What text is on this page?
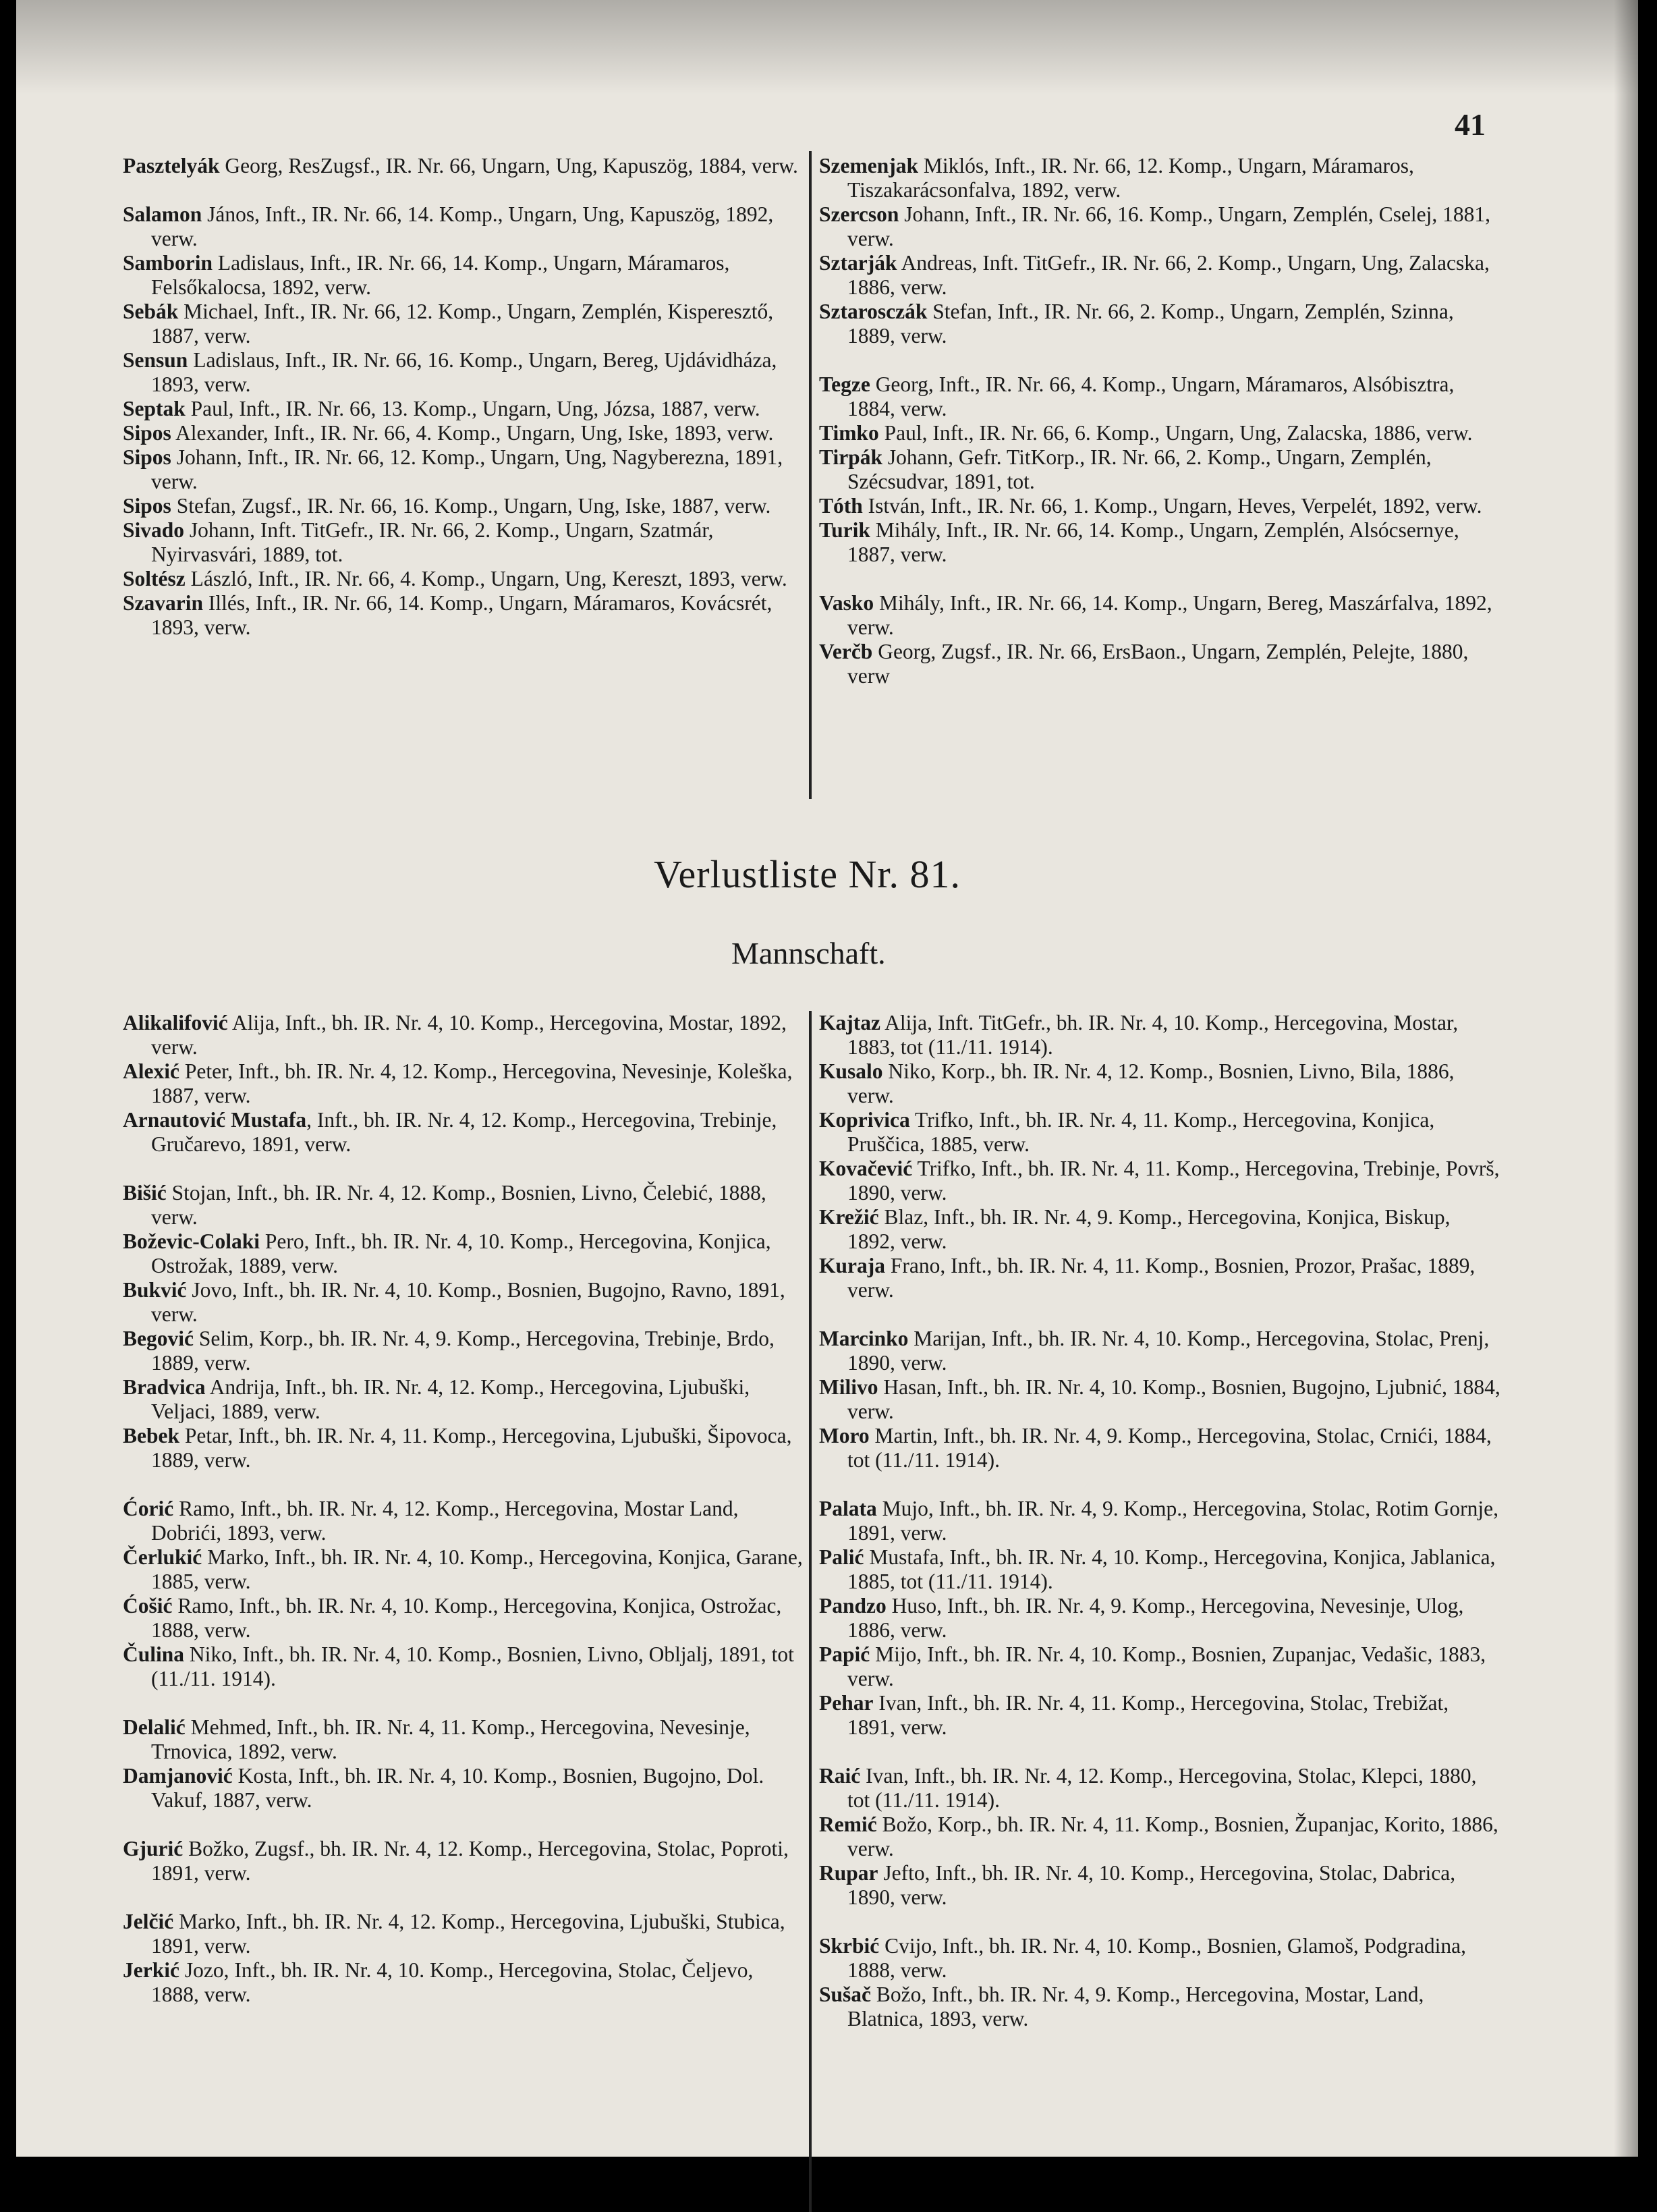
41

Pasztelyák Georg, ResZugsf., IR. Nr. 66, Ungarn, Ung, Kapuszög, 1884, verw.

Salamon János, Inft., IR. Nr. 66, 14. Komp., Ungarn, Ung, Kapuszög, 1892, verw.

Samborin Ladislaus, Inft., IR. Nr. 66, 14. Komp., Ungarn, Máramaros, Felsőkalocsa, 1892, verw.

Sebák Michael, Inft., IR. Nr. 66, 12. Komp., Ungarn, Zemplén, Kisperesztő, 1887, verw.

Sensun Ladislaus, Inft., IR. Nr. 66, 16. Komp., Ungarn, Bereg, Ujdávidháza, 1893, verw.

Septak Paul, Inft., IR. Nr. 66, 13. Komp., Ungarn, Ung, Józsa, 1887, verw.

Sipos Alexander, Inft., IR. Nr. 66, 4. Komp., Ungarn, Ung, Iske, 1893, verw.

Sipos Johann, Inft., IR. Nr. 66, 12. Komp., Ungarn, Ung, Nagyberezna, 1891, verw.

Sipos Stefan, Zugsf., IR. Nr. 66, 16. Komp., Ungarn, Ung, Iske, 1887, verw.

Sivado Johann, Inft. TitGefr., IR. Nr. 66, 2. Komp., Ungarn, Szatmár, Nyirvasvári, 1889, tot.

Soltész László, Inft., IR. Nr. 66, 4. Komp., Ungarn, Ung, Kereszt, 1893, verw.

Szavarin Illés, Inft., IR. Nr. 66, 14. Komp., Ungarn, Máramaros, Kovácsrét, 1893, verw.

Szemenjak Miklós, Inft., IR. Nr. 66, 12. Komp., Ungarn, Máramaros, Tiszakarácsonfalva, 1892, verw.

Szercson Johann, Inft., IR. Nr. 66, 16. Komp., Ungarn, Zemplén, Cselej, 1881, verw.

Sztarják Andreas, Inft. TitGefr., IR. Nr. 66, 2. Komp., Ungarn, Ung, Zalacska, 1886, verw.

Sztarosczák Stefan, Inft., IR. Nr. 66, 2. Komp., Ungarn, Zemplén, Szinna, 1889, verw.

Tegze Georg, Inft., IR. Nr. 66, 4. Komp., Ungarn, Máramaros, Alsóbisztra, 1884, verw.

Timko Paul, Inft., IR. Nr. 66, 6. Komp., Ungarn, Ung, Zalacska, 1886, verw.

Tirpák Johann, Gefr. TitKorp., IR. Nr. 66, 2. Komp., Ungarn, Zemplén, Szécsudvar, 1891, tot.

Tóth István, Inft., IR. Nr. 66, 1. Komp., Ungarn, Heves, Verpelét, 1892, verw.

Turik Mihály, Inft., IR. Nr. 66, 14. Komp., Ungarn, Zemplén, Alsócsernye, 1887, verw.

Vasko Mihály, Inft., IR. Nr. 66, 14. Komp., Ungarn, Bereg, Maszárfalva, 1892, verw.

Verčb Georg, Zugsf., IR. Nr. 66, ErsBaon., Ungarn, Zemplén, Pelejte, 1880, verw

Verlustliste Nr. 81.
Mannschaft.

Alikalifović Alija, Inft., bh. IR. Nr. 4, 10. Komp., Hercegovina, Mostar, 1892, verw.

Alexić Peter, Inft., bh. IR. Nr. 4, 12. Komp., Hercegovina, Nevesinje, Koleška, 1887, verw.

Arnautović Mustafa, Inft., bh. IR. Nr. 4, 12. Komp., Hercegovina, Trebinje, Gručarevo, 1891, verw.

Bišić Stojan, Inft., bh. IR. Nr. 4, 12. Komp., Bosnien, Livno, Čelebić, 1888, verw.

Boževic-Colaki Pero, Inft., bh. IR. Nr. 4, 10. Komp., Hercegovina, Konjica, Ostrožak, 1889, verw.

Bukvić Jovo, Inft., bh. IR. Nr. 4, 10. Komp., Bosnien, Bugojno, Ravno, 1891, verw.

Begović Selim, Korp., bh. IR. Nr. 4, 9. Komp., Hercegovina, Trebinje, Brdo, 1889, verw.

Bradvica Andrija, Inft., bh. IR. Nr. 4, 12. Komp., Hercegovina, Ljubuški, Veljaci, 1889, verw.

Bebek Petar, Inft., bh. IR. Nr. 4, 11. Komp., Hercegovina, Ljubuški, Šipovoca, 1889, verw.

Ćorić Ramo, Inft., bh. IR. Nr. 4, 12. Komp., Hercegovina, Mostar Land, Dobrići, 1893, verw.

Čerlukić Marko, Inft., bh. IR. Nr. 4, 10. Komp., Hercegovina, Konjica, Garane, 1885, verw.

Ćošić Ramo, Inft., bh. IR. Nr. 4, 10. Komp., Hercegovina, Konjica, Ostrožac, 1888, verw.

Čulina Niko, Inft., bh. IR. Nr. 4, 10. Komp., Bosnien, Livno, Obljalj, 1891, tot (11./11. 1914).

Delalić Mehmed, Inft., bh. IR. Nr. 4, 11. Komp., Hercegovina, Nevesinje, Trnovica, 1892, verw.

Damjanović Kosta, Inft., bh. IR. Nr. 4, 10. Komp., Bosnien, Bugojno, Dol. Vakuf, 1887, verw.

Gjurić Božko, Zugsf., bh. IR. Nr. 4, 12. Komp., Hercegovina, Stolac, Poproti, 1891, verw.

Jelčić Marko, Inft., bh. IR. Nr. 4, 12. Komp., Hercegovina, Ljubuški, Stubica, 1891, verw.

Jerkić Jozo, Inft., bh. IR. Nr. 4, 10. Komp., Hercegovina, Stolac, Čeljevo, 1888, verw.

Kajtaz Alija, Inft. TitGefr., bh. IR. Nr. 4, 10. Komp., Hercegovina, Mostar, 1883, tot (11./11. 1914).

Kusalo Niko, Korp., bh. IR. Nr. 4, 12. Komp., Bosnien, Livno, Bila, 1886, verw.

Koprivica Trifko, Inft., bh. IR. Nr. 4, 11. Komp., Hercegovina, Konjica, Pruščica, 1885, verw.

Kovačević Trifko, Inft., bh. IR. Nr. 4, 11. Komp., Hercegovina, Trebinje, Površ, 1890, verw.

Krežić Blaz, Inft., bh. IR. Nr. 4, 9. Komp., Hercegovina, Konjica, Biskup, 1892, verw.

Kuraja Frano, Inft., bh. IR. Nr. 4, 11. Komp., Bosnien, Prozor, Prašac, 1889, verw.

Marcinko Marijan, Inft., bh. IR. Nr. 4, 10. Komp., Hercegovina, Stolac, Prenj, 1890, verw.

Milivo Hasan, Inft., bh. IR. Nr. 4, 10. Komp., Bosnien, Bugojno, Ljubnić, 1884, verw.

Moro Martin, Inft., bh. IR. Nr. 4, 9. Komp., Hercegovina, Stolac, Crnići, 1884, tot (11./11. 1914).

Palata Mujo, Inft., bh. IR. Nr. 4, 9. Komp., Hercegovina, Stolac, Rotim Gornje, 1891, verw.

Palić Mustafa, Inft., bh. IR. Nr. 4, 10. Komp., Hercegovina, Konjica, Jablanica, 1885, tot (11./11. 1914).

Pandzo Huso, Inft., bh. IR. Nr. 4, 9. Komp., Hercegovina, Nevesinje, Ulog, 1886, verw.

Papić Mijo, Inft., bh. IR. Nr. 4, 10. Komp., Bosnien, Zupanjac, Vedašic, 1883, verw.

Pehar Ivan, Inft., bh. IR. Nr. 4, 11. Komp., Hercegovina, Stolac, Trebižat, 1891, verw.

Raić Ivan, Inft., bh. IR. Nr. 4, 12. Komp., Hercegovina, Stolac, Klepci, 1880, tot (11./11. 1914).

Remić Božo, Korp., bh. IR. Nr. 4, 11. Komp., Bosnien, Županjac, Korito, 1886, verw.

Rupar Jefto, Inft., bh. IR. Nr. 4, 10. Komp., Hercegovina, Stolac, Dabrica, 1890, verw.

Skrbić Cvijo, Inft., bh. IR. Nr. 4, 10. Komp., Bosnien, Glamoš, Podgradina, 1888, verw.

Sušač Božo, Inft., bh. IR. Nr. 4, 9. Komp., Hercegovina, Mostar, Land, Blatnica, 1893, verw.
